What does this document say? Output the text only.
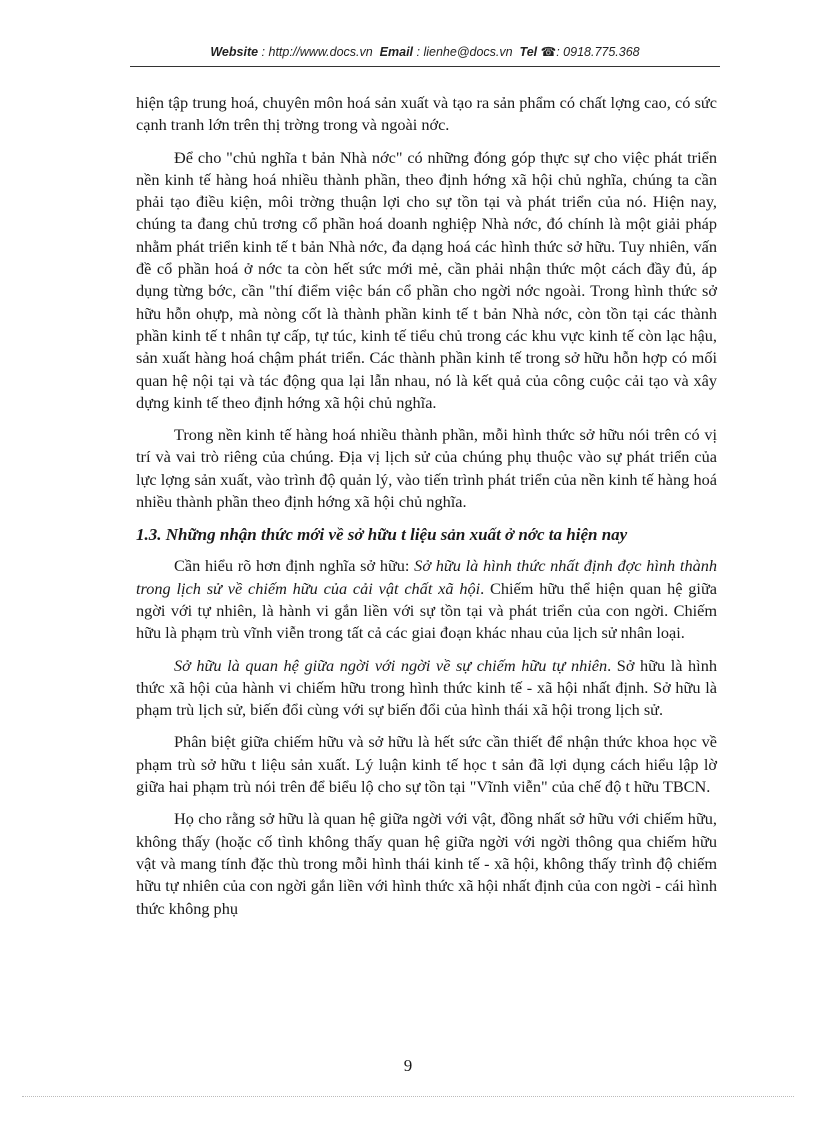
Website : http://www.docs.vn Email : lienhe@docs.vn Tel ☎: 0918.775.368

hiện tập trung hoá, chuyên môn hoá sản xuất và tạo ra sản phẩm có chất lợng cao, có sức cạnh tranh lớn trên thị trờng trong và ngoài nớc.

Để cho "chủ nghĩa t bản Nhà nớc" có những đóng góp thực sự cho việc phát triển nền kinh tế hàng hoá nhiều thành phần, theo định hớng xã hội chủ nghĩa, chúng ta cần phải tạo điều kiện, môi trờng thuận lợi cho sự tồn tại và phát triển của nó. Hiện nay, chúng ta đang chủ trơng cổ phần hoá doanh nghiệp Nhà nớc, đó chính là một giải pháp nhằm phát triển kinh tế t bản Nhà nớc, đa dạng hoá các hình thức sở hữu. Tuy nhiên, vấn đề cổ phần hoá ở nớc ta còn hết sức mới mẻ, cần phải nhận thức một cách đầy đủ, áp dụng từng bớc, cần "thí điểm việc bán cổ phần cho ngời nớc ngoài. Trong hình thức sở hữu hỗn ohựp, mà nòng cốt là thành phần kinh tế t bản Nhà nớc, còn tồn tại các thành phần kinh tế t nhân tự cấp, tự túc, kinh tế tiểu chủ trong các khu vực kinh tế còn lạc hậu, sản xuất hàng hoá chậm phát triển. Các thành phần kinh tế trong sở hữu hỗn hợp có mối quan hệ nội tại và tác động qua lại lẫn nhau, nó là kết quả của công cuộc cải tạo và xây dựng kinh tế theo định hớng xã hội chủ nghĩa.

Trong nền kinh tế hàng hoá nhiều thành phần, mỗi hình thức sở hữu nói trên có vị trí và vai trò riêng của chúng. Địa vị lịch sử của chúng phụ thuộc vào sự phát triển của lực lợng sản xuất, vào trình độ quản lý, vào tiến trình phát triển của nền kinh tế hàng hoá nhiều thành phần theo định hớng xã hội chủ nghĩa.

1.3. Những nhận thức mới về sở hữu t liệu sản xuất ở nớc ta hiện nay

Cần hiểu rõ hơn định nghĩa sở hữu: Sở hữu là hình thức nhất định đợc hình thành trong lịch sử về chiếm hữu của cải vật chất xã hội. Chiếm hữu thể hiện quan hệ giữa ngời với tự nhiên, là hành vi gắn liền với sự tồn tại và phát triển của con ngời. Chiếm hữu là phạm trù vĩnh viễn trong tất cả các giai đoạn khác nhau của lịch sử nhân loại.

Sở hữu là quan hệ giữa ngời với ngời về sự chiếm hữu tự nhiên. Sở hữu là hình thức xã hội của hành vi chiếm hữu trong hình thức kinh tế - xã hội nhất định. Sở hữu là phạm trù lịch sử, biến đổi cùng với sự biến đổi của hình thái xã hội trong lịch sử.

Phân biệt giữa chiếm hữu và sở hữu là hết sức cần thiết để nhận thức khoa học về phạm trù sở hữu t liệu sản xuất. Lý luận kinh tế học t sản đã lợi dụng cách hiểu lập lờ giữa hai phạm trù nói trên để biểu lộ cho sự tồn tại "Vĩnh viễn" của chế độ t hữu TBCN.

Họ cho rằng sở hữu là quan hệ giữa ngời với vật, đồng nhất sở hữu với chiếm hữu, không thấy (hoặc cố tình không thấy quan hệ giữa ngời với ngời thông qua chiếm hữu vật và mang tính đặc thù trong mỗi hình thái kinh tế - xã hội, không thấy trình độ chiếm hữu tự nhiên của con ngời gắn liền với hình thức xã hội nhất định của con ngời - cái hình thức không phụ

9
